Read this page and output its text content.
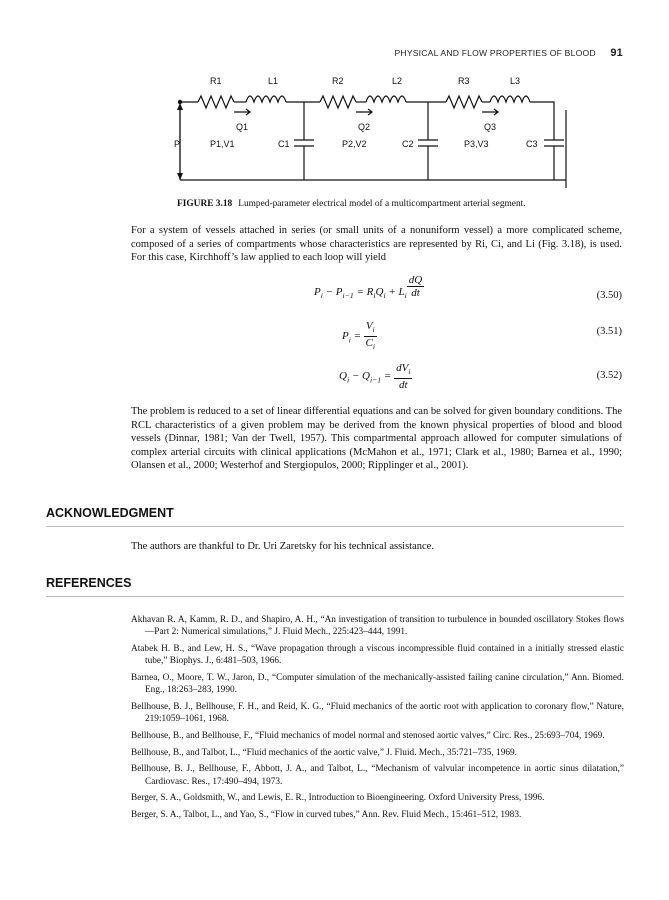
PHYSICAL AND FLOW PROPERTIES OF BLOOD 91
R1	L1	R2	L2	R3	L3
Q1	Q2	Q3
P	P1,V1	P2,V2	P3,V3
C1	C2	C3
FIGURE 3.18 Lumped-parameter electrical model of a multicompartment arterial segment.
For a system of vessels attached in series (or small units of a nonuniform vessel) a more complicated scheme, composed of a series of compartments whose characteristics are represented by Ri, Ci, and Li (Fig. 3.18), is used. For this case, Kirchhoff’s law applied to each loop will yield
$P_i - P_{i-1} = R_iQ_i + L_i \frac{dQ}{dt}$	(3.50)
$P_i = \frac{V_i}{C_i}$	(3.51)
$Q_i - Q_{i-1} = \frac{dV_i}{dt}$	(3.52)
The problem is reduced to a set of linear differential equations and can be solved for given boundary conditions. The RCL characteristics of a given problem may be derived from the known physical properties of blood and blood vessels (Dinnar, 1981; Van der Twell, 1957). This compartmental approach allowed for computer simulations of complex arterial circuits with clinical applications (McMahon et al., 1971; Clark et al., 1980; Barnea et al., 1990; Olansen et al., 2000; Westerhof and Stergiopulos, 2000; Ripplinger et al., 2001).
ACKNOWLEDGMENT
The authors are thankful to Dr. Uri Zaretsky for his technical assistance.
REFERENCES
Akhavan R. A, Kamm, R. D., and Shapiro, A. H., “An investigation of transition to turbulence in bounded oscillatory Stokes flows—Part 2: Numerical simulations,” J. Fluid Mech., 225:423–444, 1991.
Atabek H. B., and Lew, H. S., “Wave propagation through a viscous incompressible fluid contained in a initially stressed elastic tube,” Biophys. J., 6:481–503, 1966.
Barnea, O., Moore, T. W., Jaron, D., “Computer simulation of the mechanically-assisted failing canine circulation,” Ann. Biomed. Eng., 18:263–283, 1990.
Bellhouse, B. J., Bellhouse, F. H., and Reid, K. G., “Fluid mechanics of the aortic root with application to coronary flow,” Nature, 219:1059–1061, 1968.
Bellhouse, B., and Bellhouse, F., “Fluid mechanics of model normal and stenosed aortic valves,” Circ. Res., 25:693–704, 1969.
Bellhouse, B., and Talbot, L., “Fluid mechanics of the aortic valve,” J. Fluid. Mech., 35:721–735, 1969.
Bellhouse, B. J., Bellhouse, F., Abbott, J. A., and Talbot, L., “Mechanism of valvular incompetence in aortic sinus dilatation,” Cardiovasc. Res., 17:490–494, 1973.
Berger, S. A., Goldsmith, W., and Lewis, E. R., Introduction to Bioengineering. Oxford University Press, 1996.
Berger, S. A., Talbot, L., and Yao, S., “Flow in curved tubes,” Ann. Rev. Fluid Mech., 15:461–512, 1983.
